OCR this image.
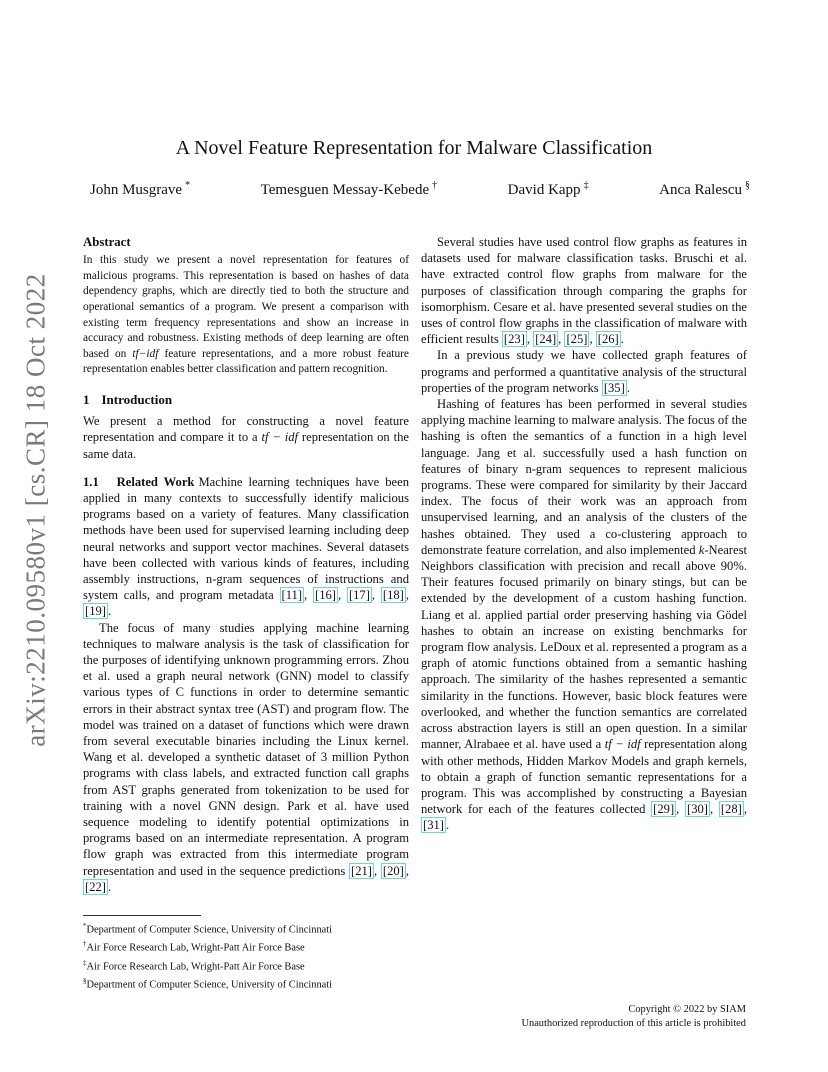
arXiv:2210.09580v1 [cs.CR] 18 Oct 2022
A Novel Feature Representation for Malware Classification
John Musgrave *	Temesguen Messay-Kebede †	David Kapp ‡	Anca Ralescu §
Abstract

In this study we present a novel representation for features of malicious programs. This representation is based on hashes of data dependency graphs, which are directly tied to both the structure and operational semantics of a program. We present a comparison with existing term frequency representations and show an increase in accuracy and robustness. Existing methods of deep learning are often based on tf−idf feature representations, and a more robust feature representation enables better classification and pattern recognition.

1 Introduction

We present a method for constructing a novel feature representation and compare it to a tf − idf representation on the same data.

1.1 Related Work Machine learning techniques have been applied in many contexts to successfully identify malicious programs based on a variety of features. Many classification methods have been used for supervised learning including deep neural networks and support vector machines. Several datasets have been collected with various kinds of features, including assembly instructions, n-gram sequences of instructions and system calls, and program metadata [11] , [16] , [17] , [18] , [19] .

The focus of many studies applying machine learning techniques to malware analysis is the task of classification for the purposes of identifying unknown programming errors. Zhou et al. used a graph neural network (GNN) model to classify various types of C functions in order to determine semantic errors in their abstract syntax tree (AST) and program flow. The model was trained on a dataset of functions which were drawn from several executable binaries including the Linux kernel. Wang et al. developed a synthetic dataset of 3 million Python programs with class labels, and extracted function call graphs from AST graphs generated from tokenization to be used for training with a novel GNN design. Park et al. have used sequence modeling to identify potential optimizations in programs based on an intermediate representation. A program flow graph was extracted from this intermediate program representation and used in the sequence predictions [21] , [20] , [22] .

Several studies have used control flow graphs as features in datasets used for malware classification tasks. Bruschi et al. have extracted control flow graphs from malware for the purposes of classification through comparing the graphs for isomorphism. Cesare et al. have presented several studies on the uses of control flow graphs in the classification of malware with efficient results [23] , [24] , [25] , [26] .

In a previous study we have collected graph features of programs and performed a quantitative analysis of the structural properties of the program networks [35] .

Hashing of features has been performed in several studies applying machine learning to malware analysis. The focus of the hashing is often the semantics of a function in a high level language. Jang et al. successfully used a hash function on features of binary n-gram sequences to represent malicious programs. These were compared for similarity by their Jaccard index. The focus of their work was an approach from unsupervised learning, and an analysis of the clusters of the hashes obtained. They used a co-clustering approach to demonstrate feature correlation, and also implemented k-Nearest Neighbors classification with precision and recall above 90%. Their features focused primarily on binary stings, but can be extended by the development of a custom hashing function. Liang et al. applied partial order preserving hashing via Gödel hashes to obtain an increase on existing benchmarks for program flow analysis. LeDoux et al. represented a program as a graph of atomic functions obtained from a semantic hashing approach. The similarity of the hashes represented a semantic similarity in the functions. However, basic block features were overlooked, and whether the function semantics are correlated across abstraction layers is still an open question. In a similar manner, Alrabaee et al. have used a tf − idf representation along with other methods, Hidden Markov Models and graph kernels, to obtain a graph of function semantic representations for a program. This was accomplished by constructing a Bayesian network for each of the features collected [29] , [30] , [28] , [31] .

*Department of Computer Science, University of Cincinnati
†Air Force Research Lab, Wright-Patt Air Force Base
‡Air Force Research Lab, Wright-Patt Air Force Base
§Department of Computer Science, University of Cincinnati
Copyright © 2022 by SIAM
Unauthorized reproduction of this article is prohibited
